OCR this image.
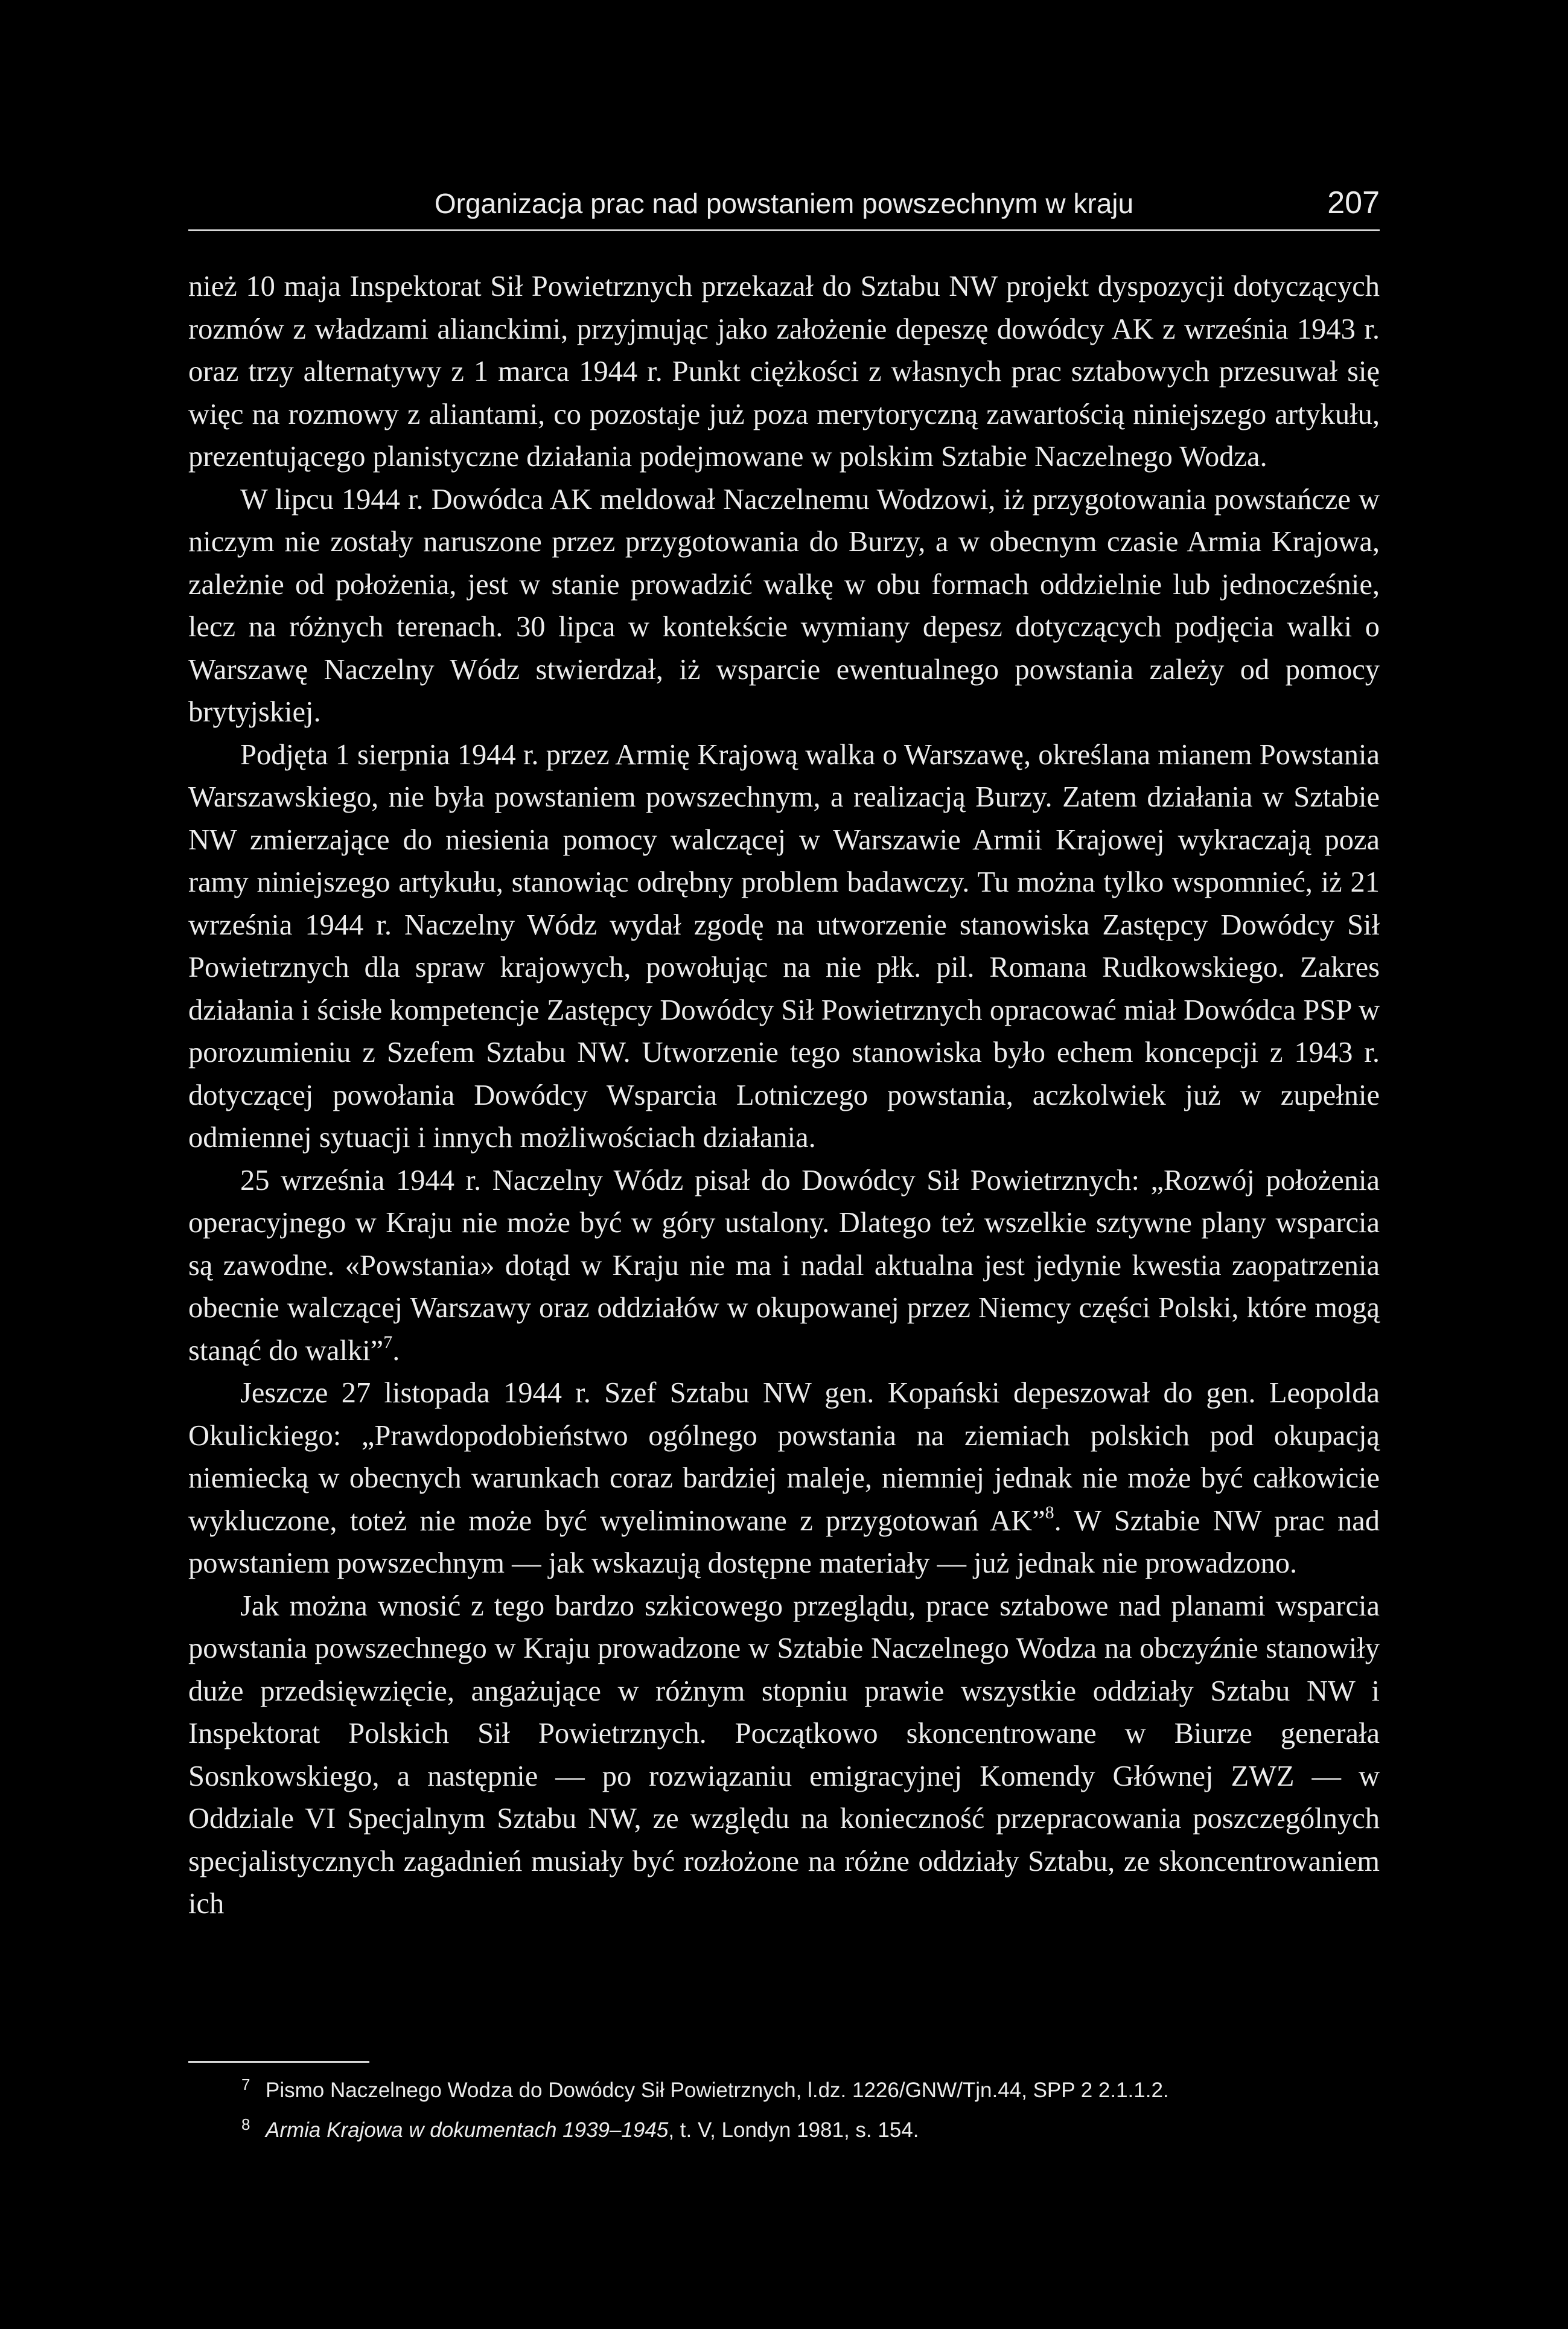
Organizacja prac nad powstaniem powszechnym w kraju	207

nież 10 maja Inspektorat Sił Powietrznych przekazał do Sztabu NW projekt dyspozycji dotyczących rozmów z władzami alianckimi, przyjmując jako założenie depeszę dowódcy AK z września 1943 r. oraz trzy alternatywy z 1 marca 1944 r. Punkt ciężkości z własnych prac sztabowych przesuwał się więc na rozmowy z aliantami, co pozostaje już poza merytoryczną zawartością niniejszego artykułu, prezentującego planistyczne działania podejmowane w polskim Sztabie Naczelnego Wodza.

W lipcu 1944 r. Dowódca AK meldował Naczelnemu Wodzowi, iż przygotowania powstańcze w niczym nie zostały naruszone przez przygotowania do Burzy, a w obecnym czasie Armia Krajowa, zależnie od położenia, jest w stanie prowadzić walkę w obu formach oddzielnie lub jednocześnie, lecz na różnych terenach. 30 lipca w kontekście wymiany depesz dotyczących podjęcia walki o Warszawę Naczelny Wódz stwierdzał, iż wsparcie ewentualnego powstania zależy od pomocy brytyjskiej.

Podjęta 1 sierpnia 1944 r. przez Armię Krajową walka o Warszawę, określana mianem Powstania Warszawskiego, nie była powstaniem powszechnym, a realizacją Burzy. Zatem działania w Sztabie NW zmierzające do niesienia pomocy walczącej w Warszawie Armii Krajowej wykraczają poza ramy niniejszego artykułu, stanowiąc odrębny problem badawczy. Tu można tylko wspomnieć, iż 21 września 1944 r. Naczelny Wódz wydał zgodę na utworzenie stanowiska Zastępcy Dowódcy Sił Powietrznych dla spraw krajowych, powołując na nie płk. pil. Romana Rudkowskiego. Zakres działania i ścisłe kompetencje Zastępcy Dowódcy Sił Powietrznych opracować miał Dowódca PSP w porozumieniu z Szefem Sztabu NW. Utworzenie tego stanowiska było echem koncepcji z 1943 r. dotyczącej powołania Dowódcy Wsparcia Lotniczego powstania, aczkolwiek już w zupełnie odmiennej sytuacji i innych możliwościach działania.

25 września 1944 r. Naczelny Wódz pisał do Dowódcy Sił Powietrznych: „Rozwój położenia operacyjnego w Kraju nie może być w góry ustalony. Dlatego też wszelkie sztywne plany wsparcia są zawodne. «Powstania» dotąd w Kraju nie ma i nadal aktualna jest jedynie kwestia zaopatrzenia obecnie walczącej Warszawy oraz oddziałów w okupowanej przez Niemcy części Polski, które mogą stanąć do walki”$^7$.

Jeszcze 27 listopada 1944 r. Szef Sztabu NW gen. Kopański depeszował do gen. Leopolda Okulickiego: „Prawdopodobieństwo ogólnego powstania na ziemiach polskich pod okupacją niemiecką w obecnych warunkach coraz bardziej maleje, niemniej jednak nie może być całkowicie wykluczone, toteż nie może być wyeliminowane z przygotowań AK”$^8$. W Sztabie NW prac nad powstaniem powszechnym — jak wskazują dostępne materiały — już jednak nie prowadzono.

Jak można wnosić z tego bardzo szkicowego przeglądu, prace sztabowe nad planami wsparcia powstania powszechnego w Kraju prowadzone w Sztabie Naczelnego Wodza na obczyźnie stanowiły duże przedsięwzięcie, angażujące w różnym stopniu prawie wszystkie oddziały Sztabu NW i Inspektorat Polskich Sił Powietrznych. Początkowo skoncentrowane w Biurze generała Sosnkowskiego, a następnie — po rozwiązaniu emigracyjnej Komendy Głównej ZWZ — w Oddziale VI Specjalnym Sztabu NW, ze względu na konieczność przepracowania poszczególnych specjalistycznych zagadnień musiały być rozłożone na różne oddziały Sztabu, ze skoncentrowaniem ich

7 Pismo Naczelnego Wodza do Dowódcy Sił Powietrznych, l.dz. 1226/GNW/Tjn.44, SPP 2 2.1.1.2.

8 Armia Krajowa w dokumentach 1939–1945, t. V, Londyn 1981, s. 154.
